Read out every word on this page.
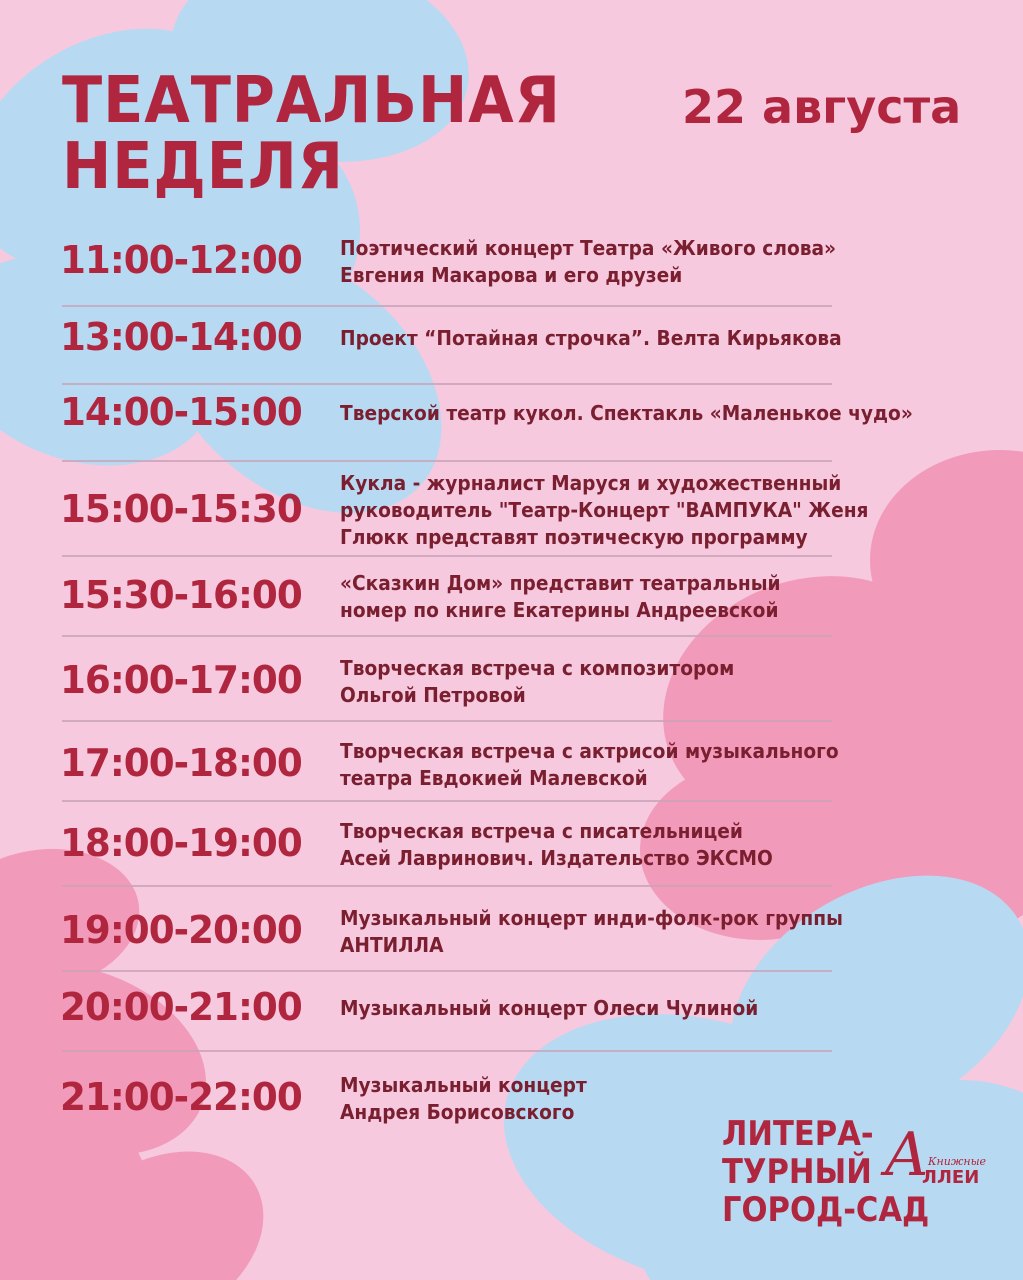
ТЕАТРАЛЬНАЯ
НЕДЕЛЯ
22 августа
11:00-12:00 Поэтический концерт Театра «Живого слова»
Евгения Макарова и его друзей
13:00-14:00 Проект “Потайная строчка”. Велта Кирьякова
14:00-15:00 Тверской театр кукол. Спектакль «Маленькое чудо»
15:00-15:30
Кукла - журналист Маруся и художественный
руководитель "Театр-Концерт "ВАМПУКА" Женя
Глюкк представят поэтическую программу
15:30-16:00 «Сказкин Дом» представит театральный
номер по книге Екатерины Андреевской
16:00-17:00 Творческая встреча с композитором
Ольгой Петровой
17:00-18:00 Творческая встреча с актрисой музыкального
театра Евдокией Малевской
18:00-19:00 Творческая встреча с писательницей
Асей Лавринович. Издательство ЭКСМО
19:00-20:00 Музыкальный концерт инди-фолк-рок группы
АНТИЛЛА
20:00-21:00 Музыкальный концерт Олеси Чулиной
21:00-22:00 Музыкальный концерт
Андрея Борисовского
ЛИТЕРА-
ТУРНЫЙ
ГОРОД-САД
А
Книжные
ЛЛЕИ
